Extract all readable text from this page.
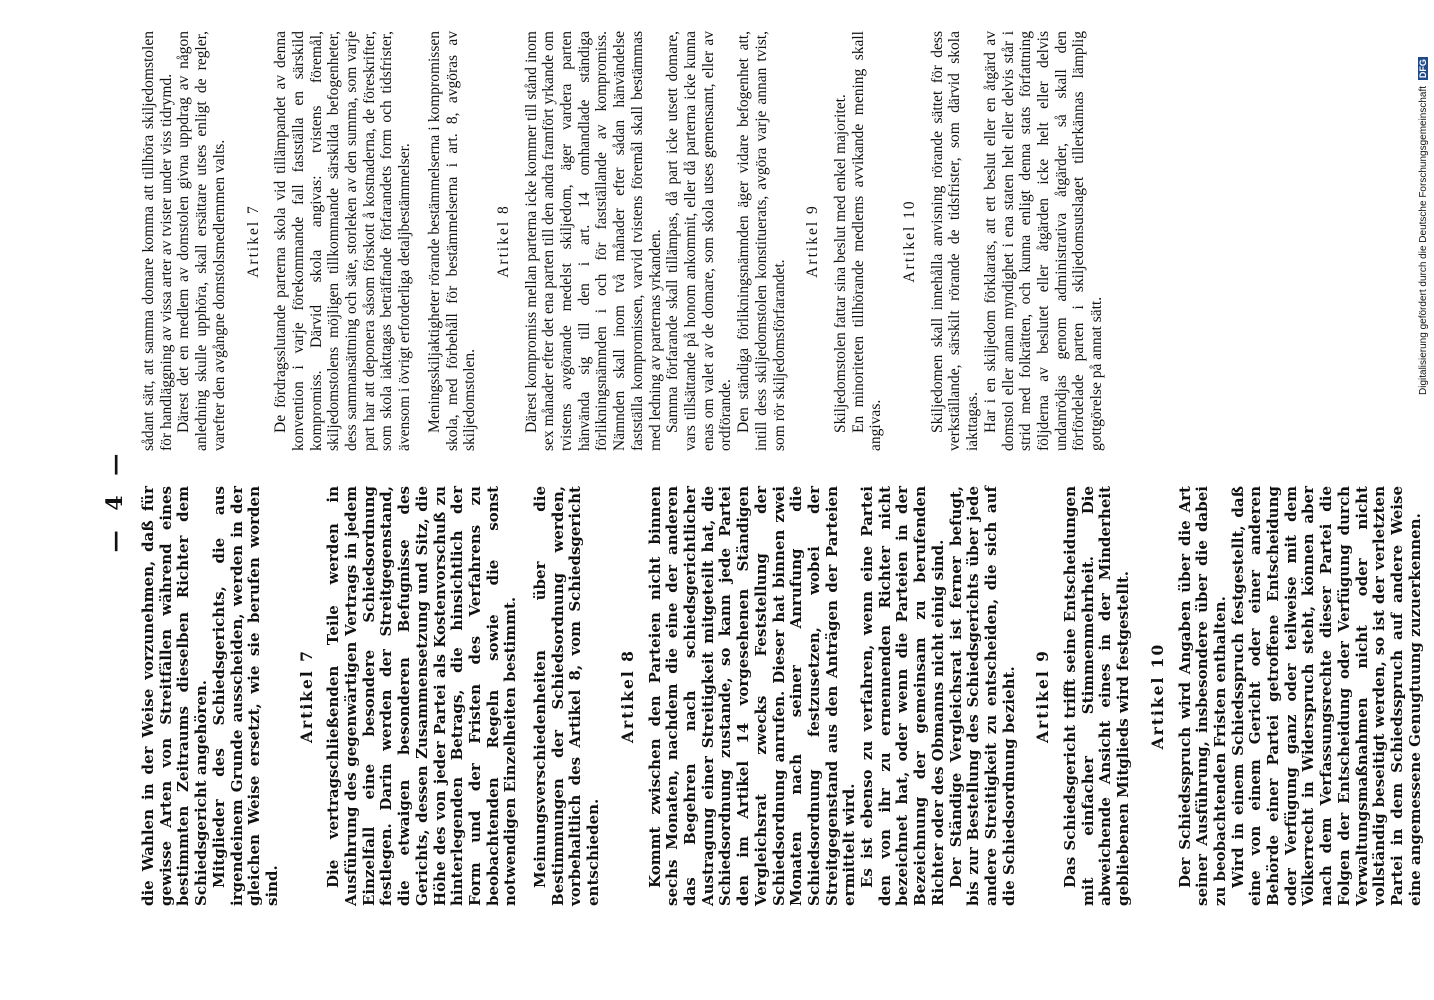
— 4 — die Wahlen in der Weise vorzunehmen, daß für gewisse Arten von Streitfällen während eines bestimmten Zeitraums dieselben Richter dem Schiedsgericht angehören. Mitglieder des Schiedsgerichts, die aus irgendeinem Grunde ausscheiden, werden in der gleichen Weise ersetzt, wie sie berufen worden sind.

Artikel 7 Die vertragschließenden Teile werden in Ausführung des gegenwärtigen Vertrags in jedem Einzelfall eine besondere Schiedsordnung festlegen. Darin werden der Streitgegenstand, die etwaigen besonderen Befugnisse des Gerichts, dessen Zusammensetzung und Sitz, die Höhe des von jeder Partei als Kostenvorschuß zu hinterlegenden Betrags, die hinsichtlich der Form und der Fristen des Verfahrens zu beobachtenden Regeln sowie die sonst notwendigen Einzelheiten bestimmt. Meinungsverschiedenheiten über die Bestimmungen der Schiedsordnung werden, vorbehaltlich des Artikel 8, vom Schiedsgericht entschieden.

Artikel 8 Kommt zwischen den Parteien nicht binnen sechs Monaten, nachdem die eine der anderen das Begehren nach schiedsgerichtlicher Austragung einer Streitigkeit mitgeteilt hat, die Schiedsordnung zustande, so kann jede Partei den im Artikel 14 vorgesehenen Ständigen Vergleichsrat zwecks Feststellung der Schiedsordnung anrufen. Dieser hat binnen zwei Monaten nach seiner Anrufung die Schiedsordnung festzusetzen, wobei der Streitgegenstand aus den Anträgen der Parteien ermittelt wird. Es ist ebenso zu verfahren, wenn eine Partei den von ihr zu ernennenden Richter nicht bezeichnet hat, oder wenn die Parteien in der Bezeichnung der gemeinsam zu berufenden Richter oder des Obmanns nicht einig sind. Der Ständige Vergleichsrat ist ferner befugt, bis zur Bestellung des Schiedsgerichts über jede andere Streitigkeit zu entscheiden, die sich auf die Schiedsordnung bezieht. Artikel 9 Das Schiedsgericht trifft seine Entscheidungen mit einfacher Stimmenmehrheit. Die abweichende Ansicht eines in der Minderheit gebliebenen Mitglieds wird festgestellt. Artikel 10 Der Schiedsspruch wird Angaben über die Art seiner Ausführung, insbesondere über die dabei zu beobachtenden Fristen enthalten. Wird in einem Schiedsspruch festgestellt, daß eine von einem Gericht oder einer anderen Behörde einer Partei getroffene Entscheidung oder Verfügung ganz oder teilweise mit dem Völkerrecht in Widerspruch steht, können aber nach dem Verfassungsrechte dieser Partei die Folgen der Entscheidung oder Verfügung durch Verwaltungsmaßnahmen nicht oder nicht vollständig beseitigt werden, so ist der verletzten Partei in dem Schiedsspruch auf andere Weise eine angemessene Genugtuung zuzuerkennen.

sådant sätt, att samma domare komma att tillhöra skiljedomstolen för handläggning av vissa arter av tvister under viss tidrymd. Därest det en medlem av domstolen givna uppdrag av någon anledning skulle upphöra, skall ersättare utses enligt de regler, varefter den avgångne domstolsmedlemmen valts. Artikel 7 De fördragsslutande parterna skola vid tillämpandet av denna konvention i varje förekommande fall fastställa en särskild kompromiss. Därvid skola angivas: tvistens föremål, skiljedomstolens möjligen tillkommande särskilda befogenheter, dess sammansättning och säte, storleken av den summa, som varje part har att deponera såsom förskott å kostnaderna, de föreskrifter, som skola iakttagas beträffande förfarandets form och tidsfrister, ävensom i övrigt erforderliga detaljbestämmelser. Meningsskiljaktigheter rörande bestämmelserna i kompromissen skola, med förbehåll för bestämmelserna i art. 8, avgöras av skiljedomstolen.

Artikel 8 Därest kompromiss mellan parterna icke kommer till stånd inom sex månader efter det ena parten till den andra framfört yrkande om tvistens avgörande medelst skiljedom, äger vardera parten hänvända sig till den i art. 14 omhandlade ständiga förlikningsnämnden i och för fastställande av kompromiss. Nämnden skall inom två månader efter sådan hänvändelse fastställa kompromissen, varvid tvistens föremål skall bestämmas med ledning av parternas yrkanden. Samma förfarande skall tillämpas, då part icke utsett domare, vars tillsättande på honom ankommit, eller då parterna icke kunna enas om valet av de domare, som skola utses gemensamt, eller av ordförande. Den ständiga förlikningsnämnden äger vidare befogenhet att, intill dess skiljedomstolen konstituerats, avgöra varje annan tvist, som rör skiljedomsförfarandet.

Artikel 9 Skiljedomstolen fattar sina beslut med enkel majoritet. En minoriteten tillhörande medlems avvikande mening skall angivas.

Artikel 10 Skiljedomen skall innehålla anvisning rörande sättet för dess verkställande, särskilt rörande de tidsfrister, som därvid skola iakttagas. Har i en skiljedom förklarats, att ett beslut eller en åtgärd av domstol eller annan myndighet i ena staten helt eller delvis står i strid med folkrätten, och kunna enligt denna stats författning följderna av beslutet eller åtgärden icke helt eller delvis undanrödjas genom administrativa åtgärder, så skall den förfördelade parten i skiljedomsutslaget tillerkännas lämplig gottgörelse på annat sätt.	Digitalisierung gefördert durch die Deutsche Forschungsgemeinschaft DFG
